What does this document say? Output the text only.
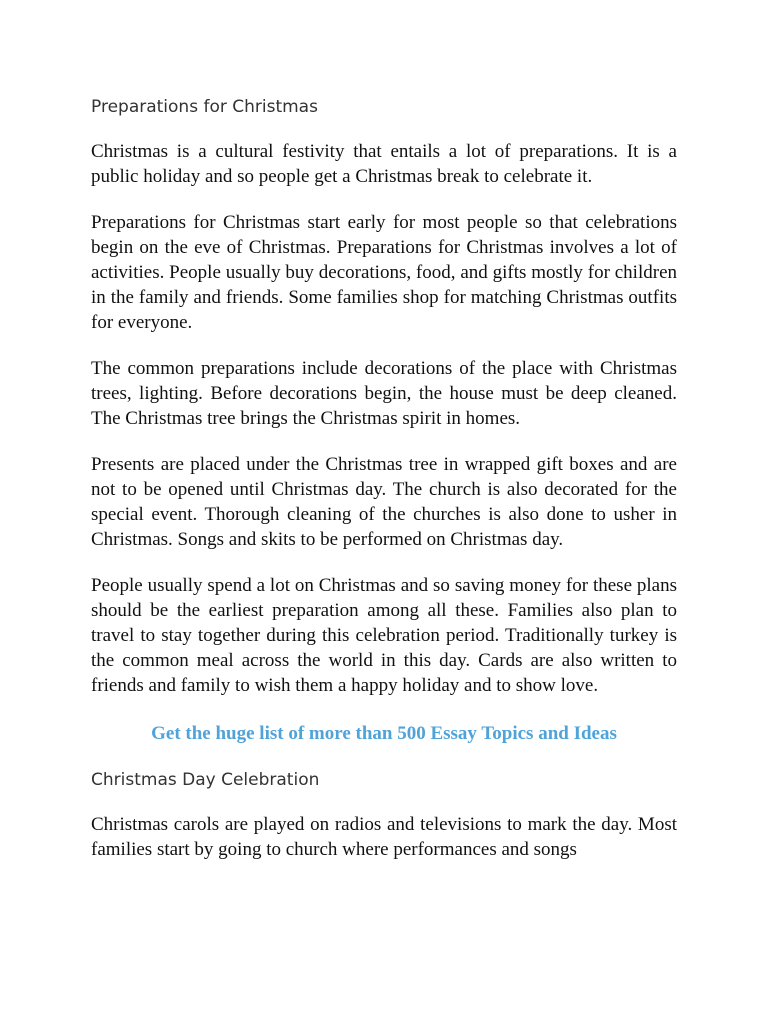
Preparations for Christmas

Christmas is a cultural festivity that entails a lot of preparations. It is a public holiday and so people get a Christmas break to celebrate it.

Preparations for Christmas start early for most people so that celebrations begin on the eve of Christmas. Preparations for Christmas involves a lot of activities. People usually buy decorations, food, and gifts mostly for children in the family and friends. Some families shop for matching Christmas outfits for everyone.

The common preparations include decorations of the place with Christmas trees, lighting. Before decorations begin, the house must be deep cleaned. The Christmas tree brings the Christmas spirit in homes.

Presents are placed under the Christmas tree in wrapped gift boxes and are not to be opened until Christmas day. The church is also decorated for the special event. Thorough cleaning of the churches is also done to usher in Christmas. Songs and skits to be performed on Christmas day.

People usually spend a lot on Christmas and so saving money for these plans should be the earliest preparation among all these. Families also plan to travel to stay together during this celebration period. Traditionally turkey is the common meal across the world in this day. Cards are also written to friends and family to wish them a happy holiday and to show love.

Get the huge list of more than 500 Essay Topics and Ideas

Christmas Day Celebration

Christmas carols are played on radios and televisions to mark the day. Most families start by going to church where performances and songs
